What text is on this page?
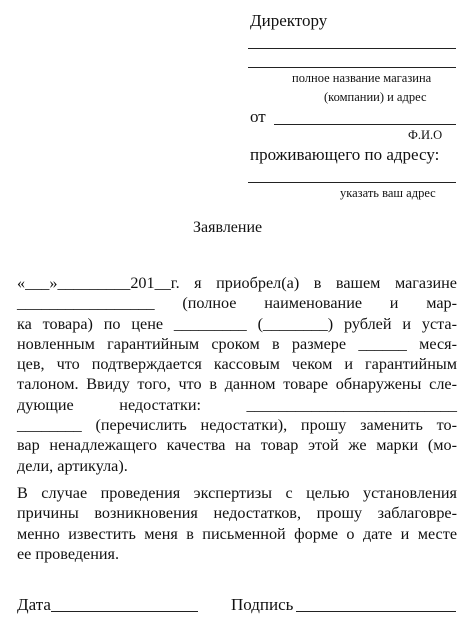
Директору
полное название магазина
(компании) и адрес
от
Ф.И.О
проживающего по адресу:
указать ваш адрес
Заявление
«___»_________201__г. я приобрел(а) в вашем магазине
_________________ (полное наименование и мар-
ка товара) по цене _________ (________) рублей и уста-
новленным гарантийным сроком в размере ______ меся-
цев, что подтверждается кассовым чеком и гарантийным
талоном. Ввиду того, что в данном товаре обнаружены сле-
дующие недостатки: __________________________
________ (перечислить недостатки), прошу заменить то-
вар ненадлежащего качества на товар этой же марки (мо-
дели, артикула).
В случае проведения экспертизы с целью установления
причины возникновения недостатков, прошу заблаговре-
менно известить меня в письменной форме о дате и месте
ее проведения.
Дата	Подпись
